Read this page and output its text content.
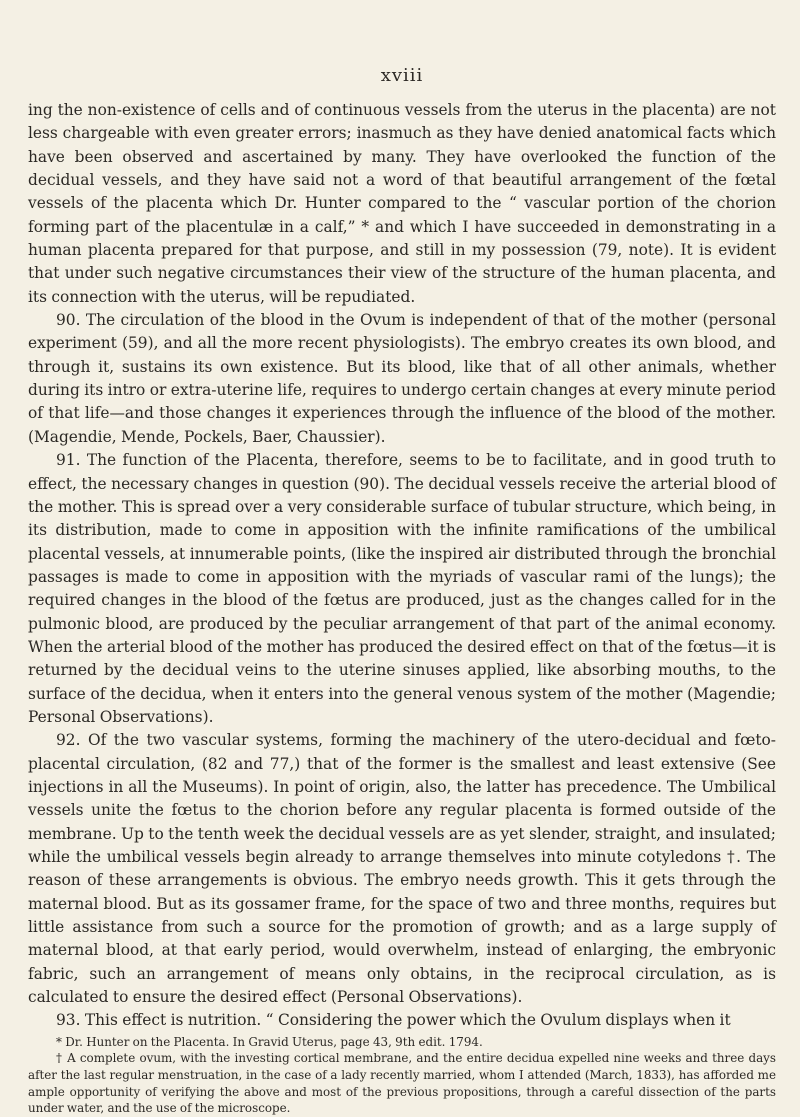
xviii

ing the non-existence of cells and of continuous vessels from the uterus in the placenta) are not less chargeable with even greater errors; inasmuch as they have denied anatomical facts which have been observed and ascertained by many. They have overlooked the function of the decidual vessels, and they have said not a word of that beautiful arrangement of the fœtal vessels of the placenta which Dr. Hunter compared to the “ vascular portion of the chorion forming part of the placentulæ in a calf,” * and which I have succeeded in demonstrating in a human placenta prepared for that purpose, and still in my possession (79, note). It is evident that under such negative circumstances their view of the structure of the human placenta, and its connection with the uterus, will be repudiated.

90. The circulation of the blood in the Ovum is independent of that of the mother (personal experiment (59), and all the more recent physiologists). The embryo creates its own blood, and through it, sustains its own existence. But its blood, like that of all other animals, whether during its intro or extra-uterine life, requires to undergo certain changes at every minute period of that life—and those changes it experiences through the influence of the blood of the mother. (Magendie, Mende, Pockels, Baer, Chaussier).

91. The function of the Placenta, therefore, seems to be to facilitate, and in good truth to effect, the necessary changes in question (90). The decidual vessels receive the arterial blood of the mother. This is spread over a very considerable surface of tubular structure, which being, in its distribution, made to come in apposition with the infinite ramifications of the umbilical placental vessels, at innumerable points, (like the inspired air distributed through the bronchial passages is made to come in apposition with the myriads of vascular rami of the lungs); the required changes in the blood of the fœtus are produced, just as the changes called for in the pulmonic blood, are produced by the peculiar arrangement of that part of the animal economy. When the arterial blood of the mother has produced the desired effect on that of the fœtus—it is returned by the decidual veins to the uterine sinuses applied, like absorbing mouths, to the surface of the decidua, when it enters into the general venous system of the mother (Magendie; Personal Observations).

92. Of the two vascular systems, forming the machinery of the utero-decidual and fœto-placental circulation, (82 and 77,) that of the former is the smallest and least extensive (See injections in all the Museums). In point of origin, also, the latter has precedence. The Umbilical vessels unite the fœtus to the chorion before any regular placenta is formed outside of the membrane. Up to the tenth week the decidual vessels are as yet slender, straight, and insulated; while the umbilical vessels begin already to arrange themselves into minute cotyledons †. The reason of these arrangements is obvious. The embryo needs growth. This it gets through the maternal blood. But as its gossamer frame, for the space of two and three months, requires but little assistance from such a source for the promotion of growth; and as a large supply of maternal blood, at that early period, would overwhelm, instead of enlarging, the embryonic fabric, such an arrangement of means only obtains, in the reciprocal circulation, as is calculated to ensure the desired effect (Personal Observations).

93. This effect is nutrition. “ Considering the power which the Ovulum displays when it

* Dr. Hunter on the Placenta. In Gravid Uterus, page 43, 9th edit. 1794.

† A complete ovum, with the investing cortical membrane, and the entire decidua expelled nine weeks and three days after the last regular menstruation, in the case of a lady recently married, whom I attended (March, 1833), has afforded me ample opportunity of verifying the above and most of the previous propositions, through a careful dissection of the parts under water, and the use of the microscope.
